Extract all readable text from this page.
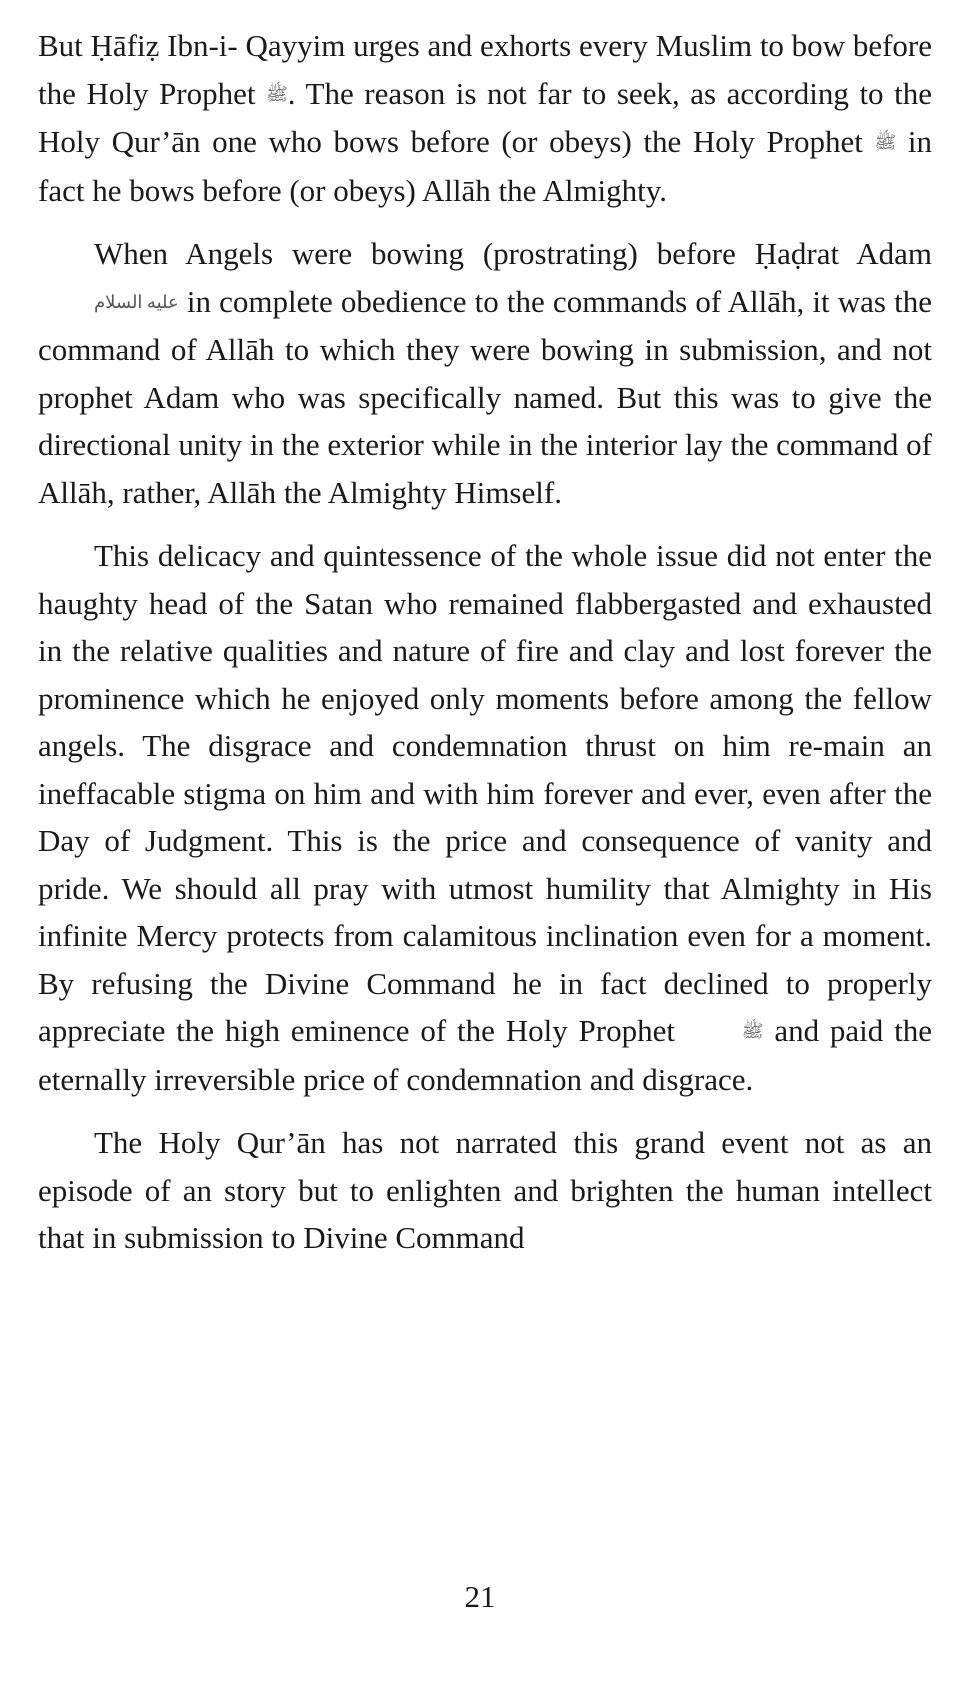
But Ḥāfiẓ Ibn-i- Qayyim urges and exhorts every Muslim to bow before the Holy Prophet ﷺ. The reason is not far to seek, as according to the Holy Qur’ān one who bows before (or obeys) the Holy Prophet ﷺ in fact he bows before (or obeys) Allāh the Almighty.

When Angels were bowing (prostrating) before Ḥaḍrat Adam عليه السلام in complete obedience to the commands of Allāh, it was the command of Allāh to which they were bowing in submission, and not prophet Adam who was specifically named. But this was to give the directional unity in the exterior while in the interior lay the command of Allāh, rather, Allāh the Almighty Himself.

This delicacy and quintessence of the whole issue did not enter the haughty head of the Satan who remained flabbergasted and exhausted in the relative qualities and nature of fire and clay and lost forever the prominence which he enjoyed only moments before among the fellow angels. The disgrace and condemnation thrust on him re-main an ineffacable stigma on him and with him forever and ever, even after the Day of Judgment. This is the price and consequence of vanity and pride. We should all pray with utmost humility that Almighty in His infinite Mercy protects from calamitous inclination even for a moment. By refusing the Divine Command he in fact declined to properly appreciate the high eminence of the Holy Prophet	ﷺ and paid the eternally irreversible price of condemnation and disgrace.

The Holy Qur’ān has not narrated this grand event not as an episode of an story but to enlighten and brighten the human intellect that in submission to Divine Command

21
